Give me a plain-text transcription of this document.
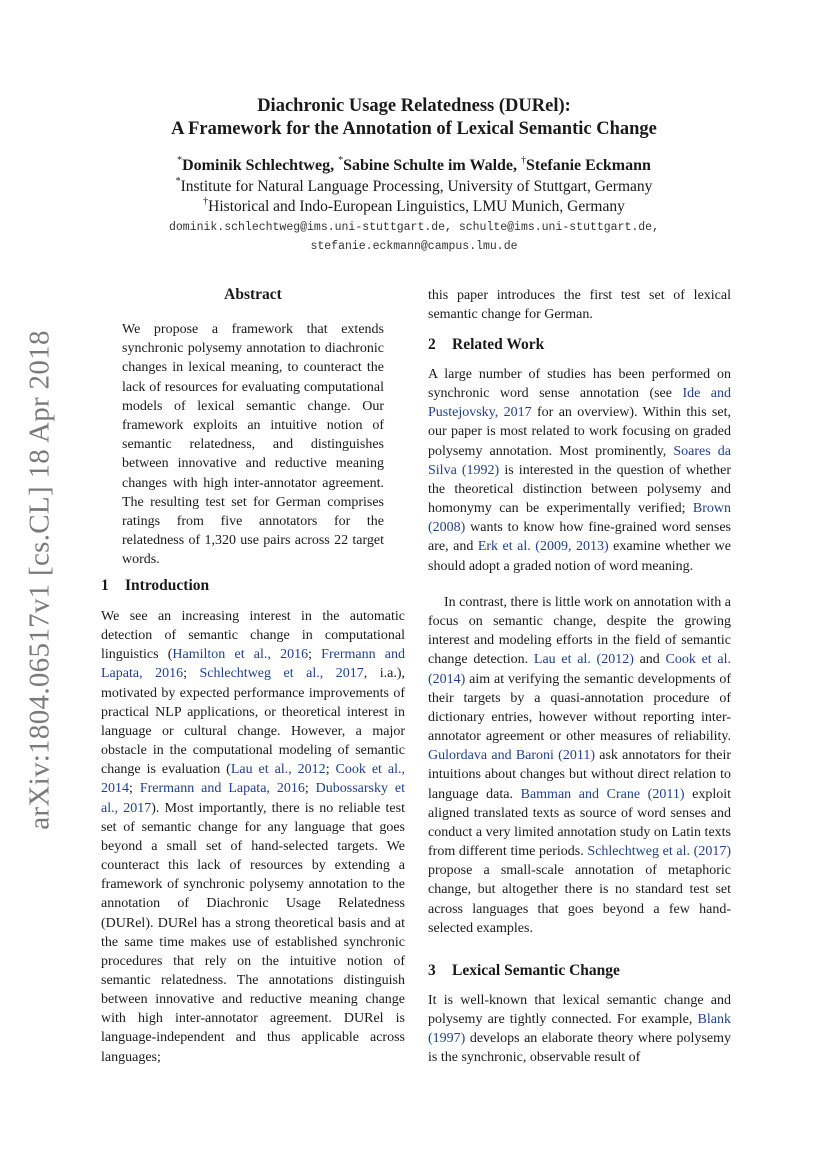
arXiv:1804.06517v1 [cs.CL] 18 Apr 2018
Diachronic Usage Relatedness (DURel):
A Framework for the Annotation of Lexical Semantic Change
*Dominik Schlechtweg, *Sabine Schulte im Walde, †Stefanie Eckmann
*Institute for Natural Language Processing, University of Stuttgart, Germany
†Historical and Indo-European Linguistics, LMU Munich, Germany
dominik.schlechtweg@ims.uni-stuttgart.de, schulte@ims.uni-stuttgart.de,
stefanie.eckmann@campus.lmu.de
Abstract

We propose a framework that extends synchronic polysemy annotation to diachronic changes in lexical meaning, to counteract the lack of resources for evaluating computational models of lexical semantic change. Our framework exploits an intuitive notion of semantic relatedness, and distinguishes between innovative and reductive meaning changes with high inter-annotator agreement. The resulting test set for German comprises ratings from five annotators for the relatedness of 1,320 use pairs across 22 target words.

1 Introduction

We see an increasing interest in the automatic detection of semantic change in computational linguistics (Hamilton et al., 2016; Frermann and Lapata, 2016; Schlechtweg et al., 2017, i.a.), motivated by expected performance improvements of practical NLP applications, or theoretical interest in language or cultural change. However, a major obstacle in the computational modeling of semantic change is evaluation (Lau et al., 2012; Cook et al., 2014; Frermann and Lapata, 2016; Dubossarsky et al., 2017). Most importantly, there is no reliable test set of semantic change for any language that goes beyond a small set of hand-selected targets. We counteract this lack of resources by extending a framework of synchronic polysemy annotation to the annotation of Diachronic Usage Relatedness (DURel). DURel has a strong theoretical basis and at the same time makes use of established synchronic procedures that rely on the intuitive notion of semantic relatedness. The annotations distinguish between innovative and reductive meaning change with high inter-annotator agreement. DURel is language-independent and thus applicable across languages;

this paper introduces the first test set of lexical semantic change for German.

2 Related Work

A large number of studies has been performed on synchronic word sense annotation (see Ide and Pustejovsky, 2017 for an overview). Within this set, our paper is most related to work focusing on graded polysemy annotation. Most prominently, Soares da Silva (1992) is interested in the question of whether the theoretical distinction between polysemy and homonymy can be experimentally verified; Brown (2008) wants to know how fine-grained word senses are, and Erk et al. (2009, 2013) examine whether we should adopt a graded notion of word meaning.

In contrast, there is little work on annotation with a focus on semantic change, despite the growing interest and modeling efforts in the field of semantic change detection. Lau et al. (2012) and Cook et al. (2014) aim at verifying the semantic developments of their targets by a quasi-annotation procedure of dictionary entries, however without reporting inter-annotator agreement or other measures of reliability. Gulordava and Baroni (2011) ask annotators for their intuitions about changes but without direct relation to language data. Bamman and Crane (2011) exploit aligned translated texts as source of word senses and conduct a very limited annotation study on Latin texts from different time periods. Schlechtweg et al. (2017) propose a small-scale annotation of metaphoric change, but altogether there is no standard test set across languages that goes beyond a few hand-selected examples.

3 Lexical Semantic Change

It is well-known that lexical semantic change and polysemy are tightly connected. For example, Blank (1997) develops an elaborate theory where polysemy is the synchronic, observable result of
